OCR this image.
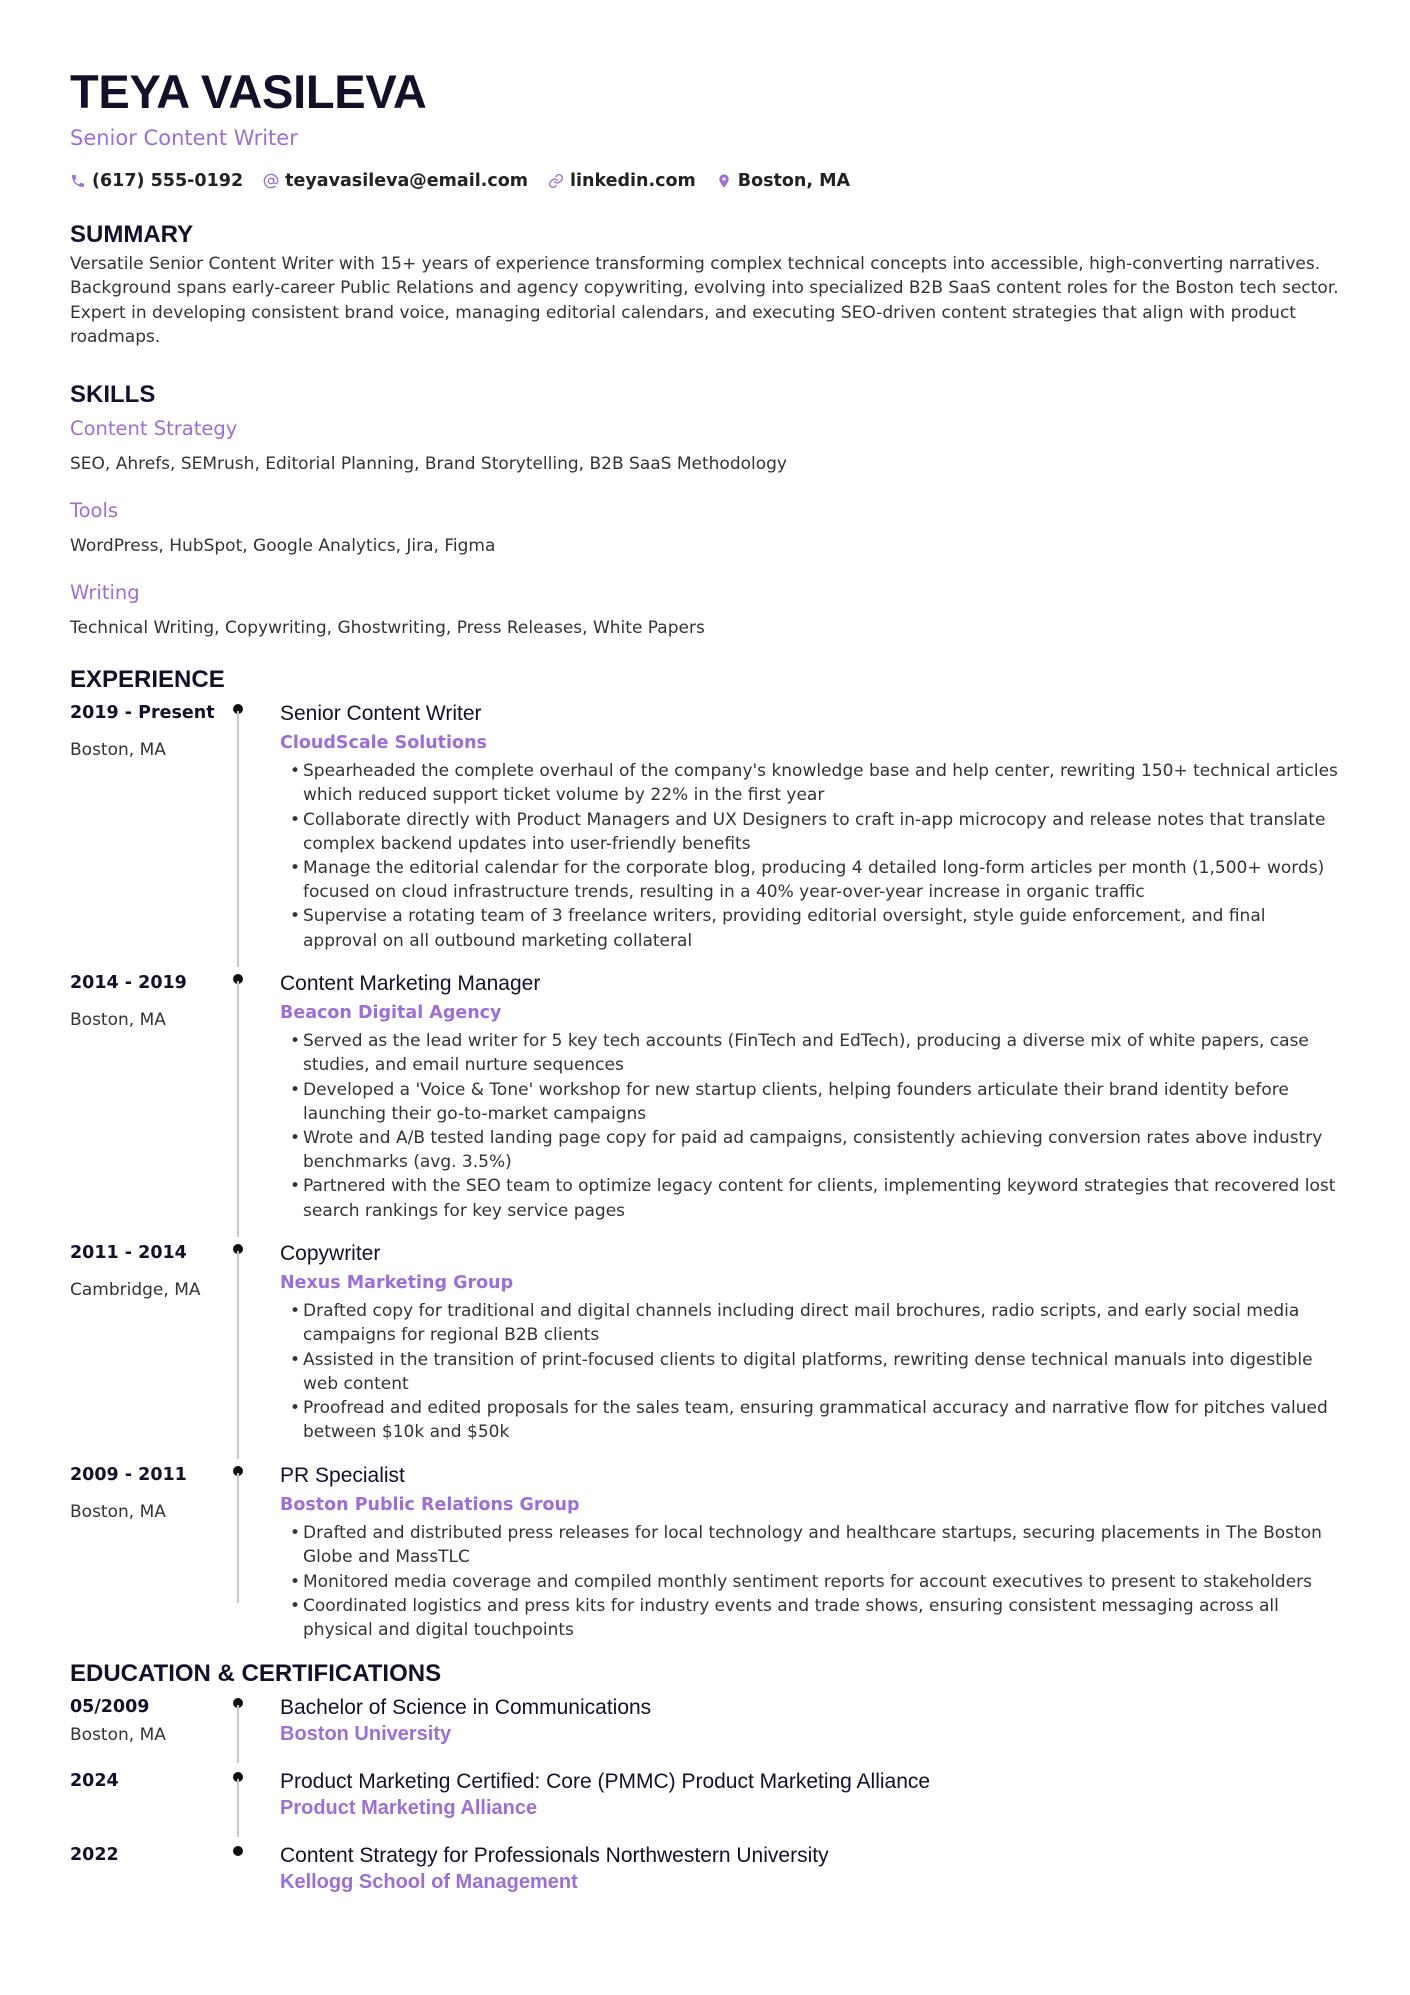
TEYA VASILEVA
Senior Content Writer
(617) 555-0192 teyavasileva@email.com linkedin.com Boston, MA
SUMMARY
Versatile Senior Content Writer with 15+ years of experience transforming complex technical concepts into accessible, high-converting narratives. Background spans early-career Public Relations and agency copywriting, evolving into specialized B2B SaaS content roles for the Boston tech sector. Expert in developing consistent brand voice, managing editorial calendars, and executing SEO-driven content strategies that align with product roadmaps.
SKILLS
Content Strategy
SEO, Ahrefs, SEMrush, Editorial Planning, Brand Storytelling, B2B SaaS Methodology
Tools
WordPress, HubSpot, Google Analytics, Jira, Figma
Writing
Technical Writing, Copywriting, Ghostwriting, Press Releases, White Papers
EXPERIENCE
2019 - Present
Boston, MA
Senior Content Writer
CloudScale Solutions
• Spearheaded the complete overhaul of the company's knowledge base and help center, rewriting 150+ technical articles which reduced support ticket volume by 22% in the first year
• Collaborate directly with Product Managers and UX Designers to craft in-app microcopy and release notes that translate complex backend updates into user-friendly benefits
• Manage the editorial calendar for the corporate blog, producing 4 detailed long-form articles per month (1,500+ words) focused on cloud infrastructure trends, resulting in a 40% year-over-year increase in organic traffic
• Supervise a rotating team of 3 freelance writers, providing editorial oversight, style guide enforcement, and final approval on all outbound marketing collateral
2014 - 2019
Boston, MA
Content Marketing Manager
Beacon Digital Agency
• Served as the lead writer for 5 key tech accounts (FinTech and EdTech), producing a diverse mix of white papers, case studies, and email nurture sequences
• Developed a 'Voice & Tone' workshop for new startup clients, helping founders articulate their brand identity before launching their go-to-market campaigns
• Wrote and A/B tested landing page copy for paid ad campaigns, consistently achieving conversion rates above industry benchmarks (avg. 3.5%)
• Partnered with the SEO team to optimize legacy content for clients, implementing keyword strategies that recovered lost search rankings for key service pages
2011 - 2014
Cambridge, MA
Copywriter
Nexus Marketing Group
• Drafted copy for traditional and digital channels including direct mail brochures, radio scripts, and early social media campaigns for regional B2B clients
• Assisted in the transition of print-focused clients to digital platforms, rewriting dense technical manuals into digestible web content
• Proofread and edited proposals for the sales team, ensuring grammatical accuracy and narrative flow for pitches valued between $10k and $50k
2009 - 2011
Boston, MA
PR Specialist
Boston Public Relations Group
• Drafted and distributed press releases for local technology and healthcare startups, securing placements in The Boston Globe and MassTLC
• Monitored media coverage and compiled monthly sentiment reports for account executives to present to stakeholders
• Coordinated logistics and press kits for industry events and trade shows, ensuring consistent messaging across all physical and digital touchpoints
EDUCATION & CERTIFICATIONS
05/2009
Boston, MA
Bachelor of Science in Communications
Boston University
2024	Product Marketing Certified: Core (PMMC) Product Marketing Alliance
Product Marketing Alliance
2022	Content Strategy for Professionals Northwestern University
Kellogg School of Management
